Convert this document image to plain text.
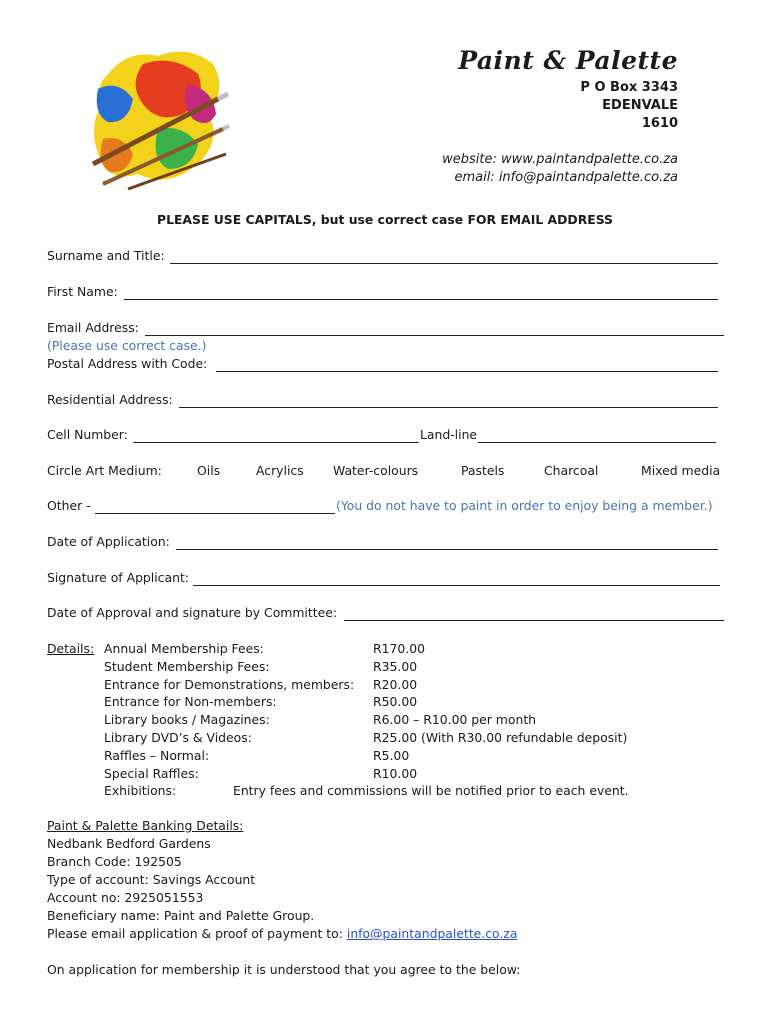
Paint & Palette
P O Box 3343
EDENVALE
1610
website: www.paintandpalette.co.za
email: info@paintandpalette.co.za
PLEASE USE CAPITALS, but use correct case FOR EMAIL ADDRESS
Surname and Title:
First Name:
Email Address:
(Please use correct case.)
Postal Address with Code:
Residential Address:
Cell Number:	Land-line
Circle Art Medium:	Oils	Acrylics Water-colours	Pastels	Charcoal	Mixed media
Other -	(You do not have to paint in order to enjoy being a member.)
Date of Application:
Signature of Applicant:
Date of Approval and signature by Committee:
Details: Annual Membership Fees:	R170.00
Student Membership Fees:	R35.00
Entrance for Demonstrations, members: R20.00
Entrance for Non-members:	R50.00
Library books / Magazines:	R6.00 – R10.00 per month
Library DVD’s & Videos:	R25.00 (With R30.00 refundable deposit)
Raffles – Normal:	R5.00
Special Raffles:	R10.00
Exhibitions:	Entry fees and commissions will be notified prior to each event.
Paint & Palette Banking Details:
Nedbank Bedford Gardens
Branch Code: 192505
Type of account: Savings Account
Account no: 2925051553
Beneficiary name: Paint and Palette Group.
Please email application & proof of payment to: info@paintandpalette.co.za
On application for membership it is understood that you agree to the below:
